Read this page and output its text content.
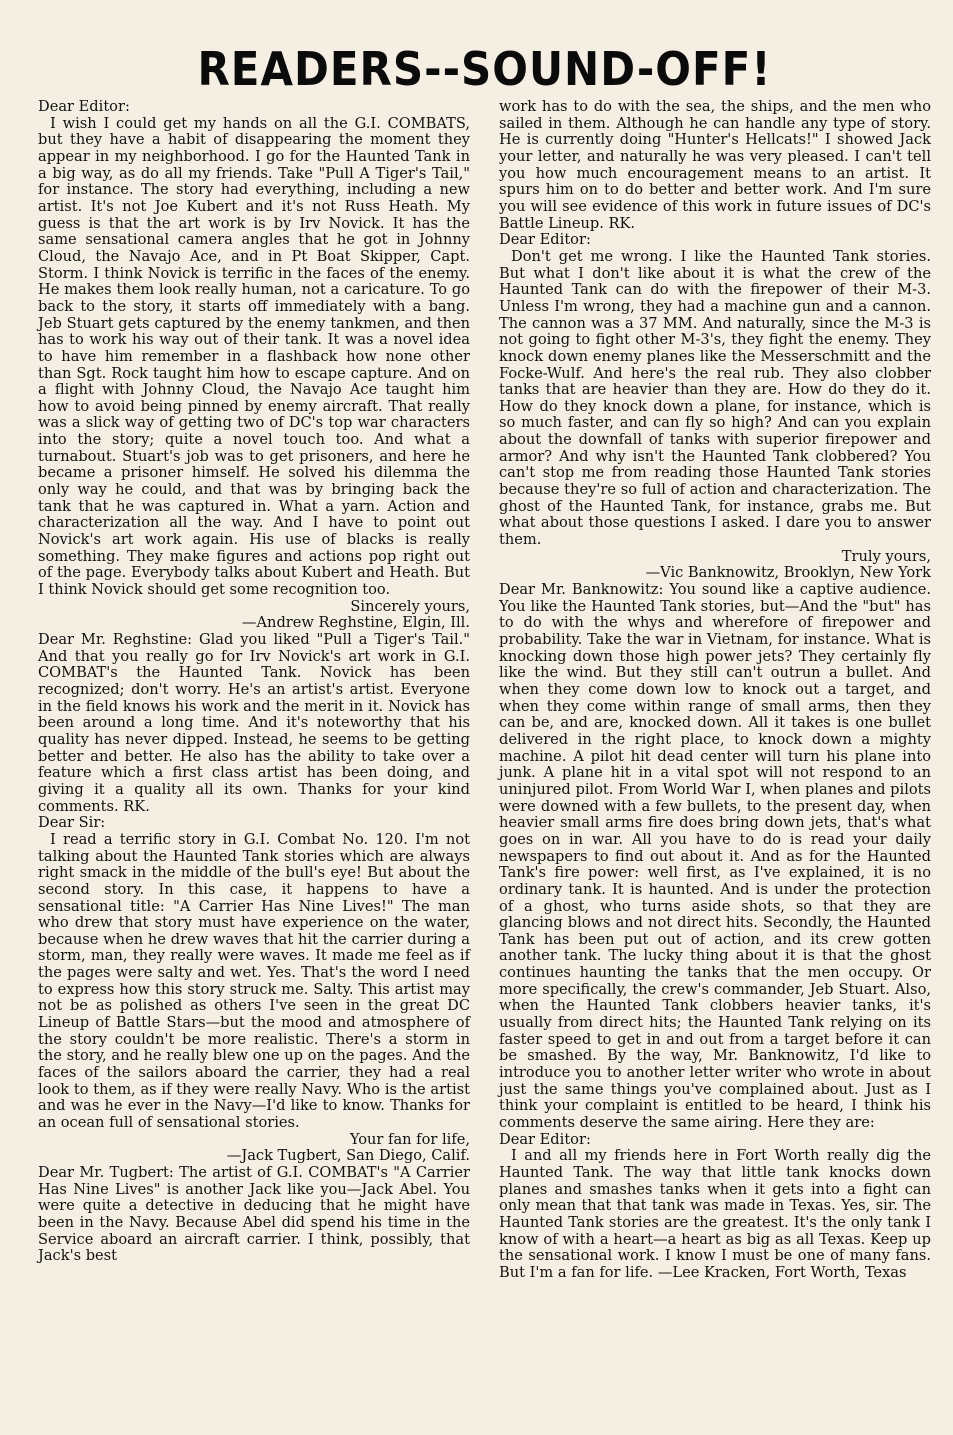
READERS--SOUND-OFF!

Dear Editor:

I wish I could get my hands on all the G.I. COMBATS, but they have a habit of disappearing the moment they appear in my neighborhood. I go for the Haunted Tank in a big way, as do all my friends. Take "Pull A Tiger's Tail," for instance. The story had everything, including a new artist. It's not Joe Kubert and it's not Russ Heath. My guess is that the art work is by Irv Novick. It has the same sensational camera angles that he got in Johnny Cloud, the Navajo Ace, and in Pt Boat Skipper, Capt. Storm. I think Novick is terrific in the faces of the enemy. He makes them look really human, not a caricature. To go back to the story, it starts off immediately with a bang. Jeb Stuart gets captured by the enemy tankmen, and then has to work his way out of their tank. It was a novel idea to have him remember in a flashback how none other than Sgt. Rock taught him how to escape capture. And on a flight with Johnny Cloud, the Navajo Ace taught him how to avoid being pinned by enemy aircraft. That really was a slick way of getting two of DC's top war characters into the story; quite a novel touch too. And what a turnabout. Stuart's job was to get prisoners, and here he became a prisoner himself. He solved his dilemma the only way he could, and that was by bringing back the tank that he was captured in. What a yarn. Action and characterization all the way. And I have to point out Novick's art work again. His use of blacks is really something. They make figures and actions pop right out of the page. Everybody talks about Kubert and Heath. But I think Novick should get some recognition too.

Sincerely yours,

—Andrew Reghstine, Elgin, Ill.

Dear Mr. Reghstine: Glad you liked "Pull a Tiger's Tail." And that you really go for Irv Novick's art work in G.I. COMBAT's the Haunted Tank. Novick has been recognized; don't worry. He's an artist's artist. Everyone in the field knows his work and the merit in it. Novick has been around a long time. And it's noteworthy that his quality has never dipped. Instead, he seems to be getting better and better. He also has the ability to take over a feature which a first class artist has been doing, and giving it a quality all its own. Thanks for your kind comments. RK.

Dear Sir:

I read a terrific story in G.I. Combat No. 120. I'm not talking about the Haunted Tank stories which are always right smack in the middle of the bull's eye! But about the second story. In this case, it happens to have a sensational title: "A Carrier Has Nine Lives!" The man who drew that story must have experience on the water, because when he drew waves that hit the carrier during a storm, man, they really were waves. It made me feel as if the pages were salty and wet. Yes. That's the word I need to express how this story struck me. Salty. This artist may not be as polished as others I've seen in the great DC Lineup of Battle Stars—but the mood and atmosphere of the story couldn't be more realistic. There's a storm in the story, and he really blew one up on the pages. And the faces of the sailors aboard the carrier, they had a real look to them, as if they were really Navy. Who is the artist and was he ever in the Navy—I'd like to know. Thanks for an ocean full of sensational stories.

Your fan for life,

—Jack Tugbert, San Diego, Calif.

Dear Mr. Tugbert: The artist of G.I. COMBAT's "A Carrier Has Nine Lives" is another Jack like you—Jack Abel. You were quite a detective in deducing that he might have been in the Navy. Because Abel did spend his time in the Service aboard an aircraft carrier. I think, possibly, that Jack's best

work has to do with the sea, the ships, and the men who sailed in them. Although he can handle any type of story. He is currently doing "Hunter's Hellcats!" I showed Jack your letter, and naturally he was very pleased. I can't tell you how much encouragement means to an artist. It spurs him on to do better and better work. And I'm sure you will see evidence of this work in future issues of DC's Battle Lineup. RK.

Dear Editor:

Don't get me wrong. I like the Haunted Tank stories. But what I don't like about it is what the crew of the Haunted Tank can do with the firepower of their M-3. Unless I'm wrong, they had a machine gun and a cannon. The cannon was a 37 MM. And naturally, since the M-3 is not going to fight other M-3's, they fight the enemy. They knock down enemy planes like the Messerschmitt and the Focke-Wulf. And here's the real rub. They also clobber tanks that are heavier than they are. How do they do it. How do they knock down a plane, for instance, which is so much faster, and can fly so high? And can you explain about the downfall of tanks with superior firepower and armor? And why isn't the Haunted Tank clobbered? You can't stop me from reading those Haunted Tank stories because they're so full of action and characterization. The ghost of the Haunted Tank, for instance, grabs me. But what about those questions I asked. I dare you to answer them.

Truly yours,

—Vic Banknowitz, Brooklyn, New York

Dear Mr. Banknowitz: You sound like a captive audience. You like the Haunted Tank stories, but—And the "but" has to do with the whys and wherefore of firepower and probability. Take the war in Vietnam, for instance. What is knocking down those high power jets? They certainly fly like the wind. But they still can't outrun a bullet. And when they come down low to knock out a target, and when they come within range of small arms, then they can be, and are, knocked down. All it takes is one bullet delivered in the right place, to knock down a mighty machine. A pilot hit dead center will turn his plane into junk. A plane hit in a vital spot will not respond to an uninjured pilot. From World War I, when planes and pilots were downed with a few bullets, to the present day, when heavier small arms fire does bring down jets, that's what goes on in war. All you have to do is read your daily newspapers to find out about it. And as for the Haunted Tank's fire power: well first, as I've explained, it is no ordinary tank. It is haunted. And is under the protection of a ghost, who turns aside shots, so that they are glancing blows and not direct hits. Secondly, the Haunted Tank has been put out of action, and its crew gotten another tank. The lucky thing about it is that the ghost continues haunting the tanks that the men occupy. Or more specifically, the crew's commander, Jeb Stuart. Also, when the Haunted Tank clobbers heavier tanks, it's usually from direct hits; the Haunted Tank relying on its faster speed to get in and out from a target before it can be smashed. By the way, Mr. Banknowitz, I'd like to introduce you to another letter writer who wrote in about just the same things you've complained about. Just as I think your complaint is entitled to be heard, I think his comments deserve the same airing. Here they are:

Dear Editor:

I and all my friends here in Fort Worth really dig the Haunted Tank. The way that little tank knocks down planes and smashes tanks when it gets into a fight can only mean that that tank was made in Texas. Yes, sir. The Haunted Tank stories are the greatest. It's the only tank I know of with a heart—a heart as big as all Texas. Keep up the sensational work. I know I must be one of many fans. But I'm a fan for life. —Lee Kracken, Fort Worth, Texas
